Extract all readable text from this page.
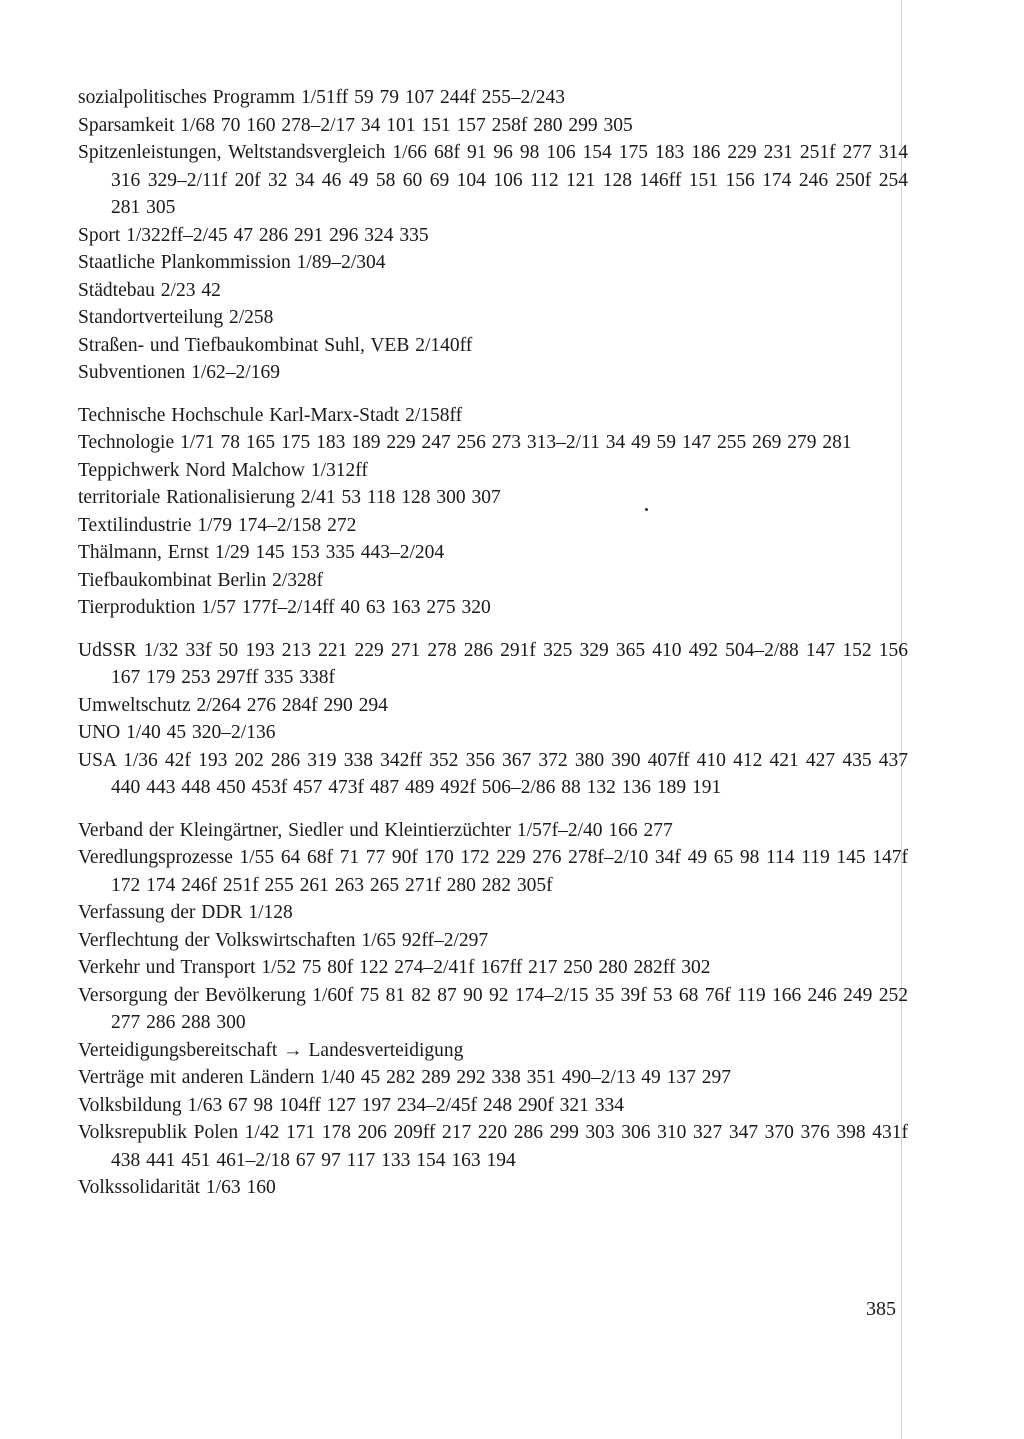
sozialpolitisches Programm 1/51ff 59 79 107 244f 255–2/243

Sparsamkeit 1/68 70 160 278–2/17 34 101 151 157 258f 280 299 305

Spitzenleistungen, Weltstandsvergleich 1/66 68f 91 96 98 106 154 175 183 186 229 231 251f 277 314 316 329–2/11f 20f 32 34 46 49 58 60 69 104 106 112 121 128 146ff 151 156 174 246 250f 254 281 305

Sport 1/322ff–2/45 47 286 291 296 324 335

Staatliche Plankommission 1/89–2/304

Städtebau 2/23 42

Standortverteilung 2/258

Straßen- und Tiefbaukombinat Suhl, VEB 2/140ff

Subventionen 1/62–2/169

Technische Hochschule Karl-Marx-Stadt 2/158ff

Technologie 1/71 78 165 175 183 189 229 247 256 273 313–2/11 34 49 59 147 255 269 279 281

Teppichwerk Nord Malchow 1/312ff

territoriale Rationalisierung 2/41 53 118 128 300 307

Textilindustrie 1/79 174–2/158 272

Thälmann, Ernst 1/29 145 153 335 443–2/204

Tiefbaukombinat Berlin 2/328f

Tierproduktion 1/57 177f–2/14ff 40 63 163 275 320

UdSSR 1/32 33f 50 193 213 221 229 271 278 286 291f 325 329 365 410 492 504–2/88 147 152 156 167 179 253 297ff 335 338f

Umweltschutz 2/264 276 284f 290 294

UNO 1/40 45 320–2/136

USA 1/36 42f 193 202 286 319 338 342ff 352 356 367 372 380 390 407ff 410 412 421 427 435 437 440 443 448 450 453f 457 473f 487 489 492f 506–2/86 88 132 136 189 191

Verband der Kleingärtner, Siedler und Kleintierzüchter 1/57f–2/40 166 277

Veredlungsprozesse 1/55 64 68f 71 77 90f 170 172 229 276 278f–2/10 34f 49 65 98 114 119 145 147f 172 174 246f 251f 255 261 263 265 271f 280 282 305f

Verfassung der DDR 1/128

Verflechtung der Volkswirtschaften 1/65 92ff–2/297

Verkehr und Transport 1/52 75 80f 122 274–2/41f 167ff 217 250 280 282ff 302

Versorgung der Bevölkerung 1/60f 75 81 82 87 90 92 174–2/15 35 39f 53 68 76f 119 166 246 249 252 277 286 288 300

Verteidigungsbereitschaft → Landesverteidigung

Verträge mit anderen Ländern 1/40 45 282 289 292 338 351 490–2/13 49 137 297

Volksbildung 1/63 67 98 104ff 127 197 234–2/45f 248 290f 321 334

Volksrepublik Polen 1/42 171 178 206 209ff 217 220 286 299 303 306 310 327 347 370 376 398 431f 438 441 451 461–2/18 67 97 117 133 154 163 194

Volkssolidarität 1/63 160

385
